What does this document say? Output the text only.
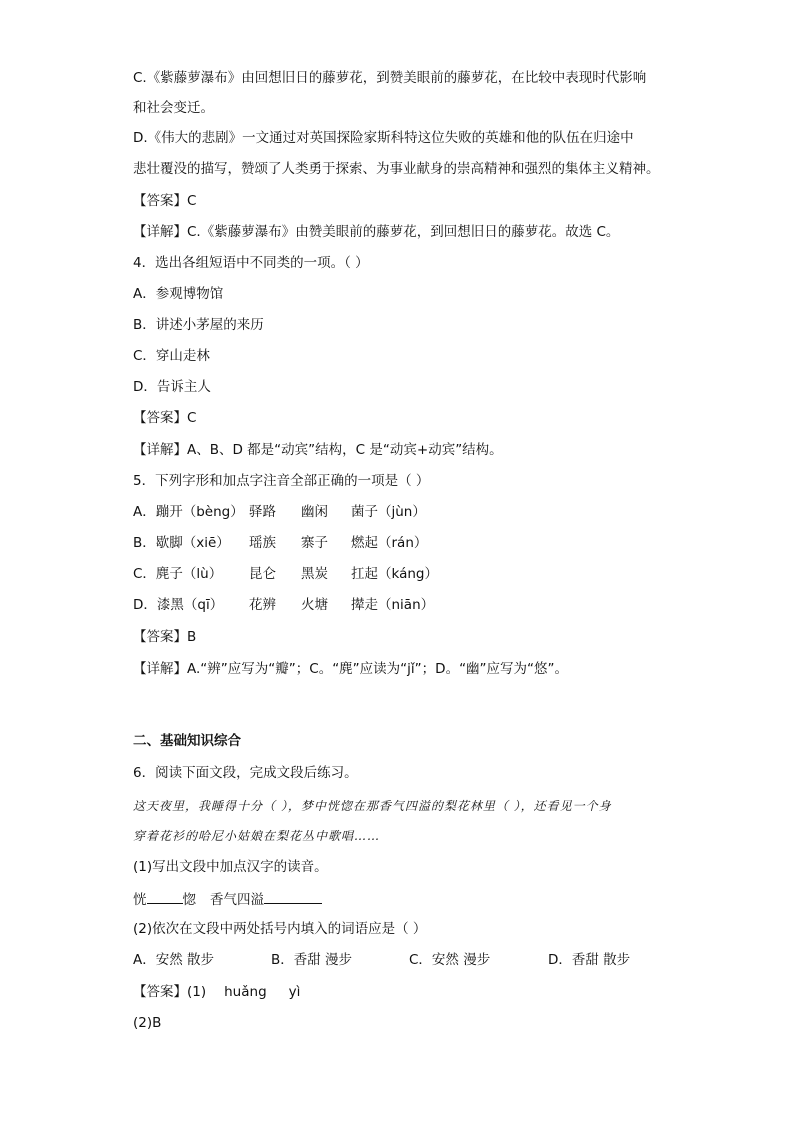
C.《紫藤萝瀑布》由回想旧日的藤萝花，到赞美眼前的藤萝花，在比较中表现时代影响
和社会变迁。
D.《伟大的悲剧》一文通过对英国探险家斯科特这位失败的英雄和他的队伍在归途中
悲壮覆没的描写，赞颂了人类勇于探索、为事业献身的崇高精神和强烈的集体主义精神。
【答案】C
【详解】C.《紫藤萝瀑布》由赞美眼前的藤萝花，到回想旧日的藤萝花。故选 C。
4．选出各组短语中不同类的一项。（ ）
A．参观博物馆
B．讲述小茅屋的来历
C．穿山走林
D．告诉主人
【答案】C
【详解】A、B、D 都是“动宾”结构，C 是“动宾+动宾”结构。
5．下列字形和加点字注音全部正确的一项是（ ）
A．蹦开（bèng） 驿路 幽闲 菌子（jùn）
B．歇脚（xiē） 瑶族 寨子 燃起（rán）
C．麂子（lù） 昆仑 黑炭 扛起（káng）
D．漆黑（qī） 花辨 火塘 撵走（niān）
【答案】B
【详解】A.“辨”应写为“瓣”；C。“麂”应读为“jǐ”；D。“幽”应写为“悠”。
二、基础知识综合
6．阅读下面文段，完成文段后练习。
这天夜里，我睡得十分（ ），梦中恍惚在那香气四溢的梨花林里（ ），还看见一个身
穿着花衫的哈尼小姑娘在梨花丛中歌唱……
(1)写出文段中加点汉字的读音。
恍	惚 香气四溢
(2)依次在文段中两处括号内填入的词语应是（ ）
A．安然 散步	B．香甜 漫步	C．安然 漫步	D．香甜 散步
【答案】(1) huǎng yì
(2)B
